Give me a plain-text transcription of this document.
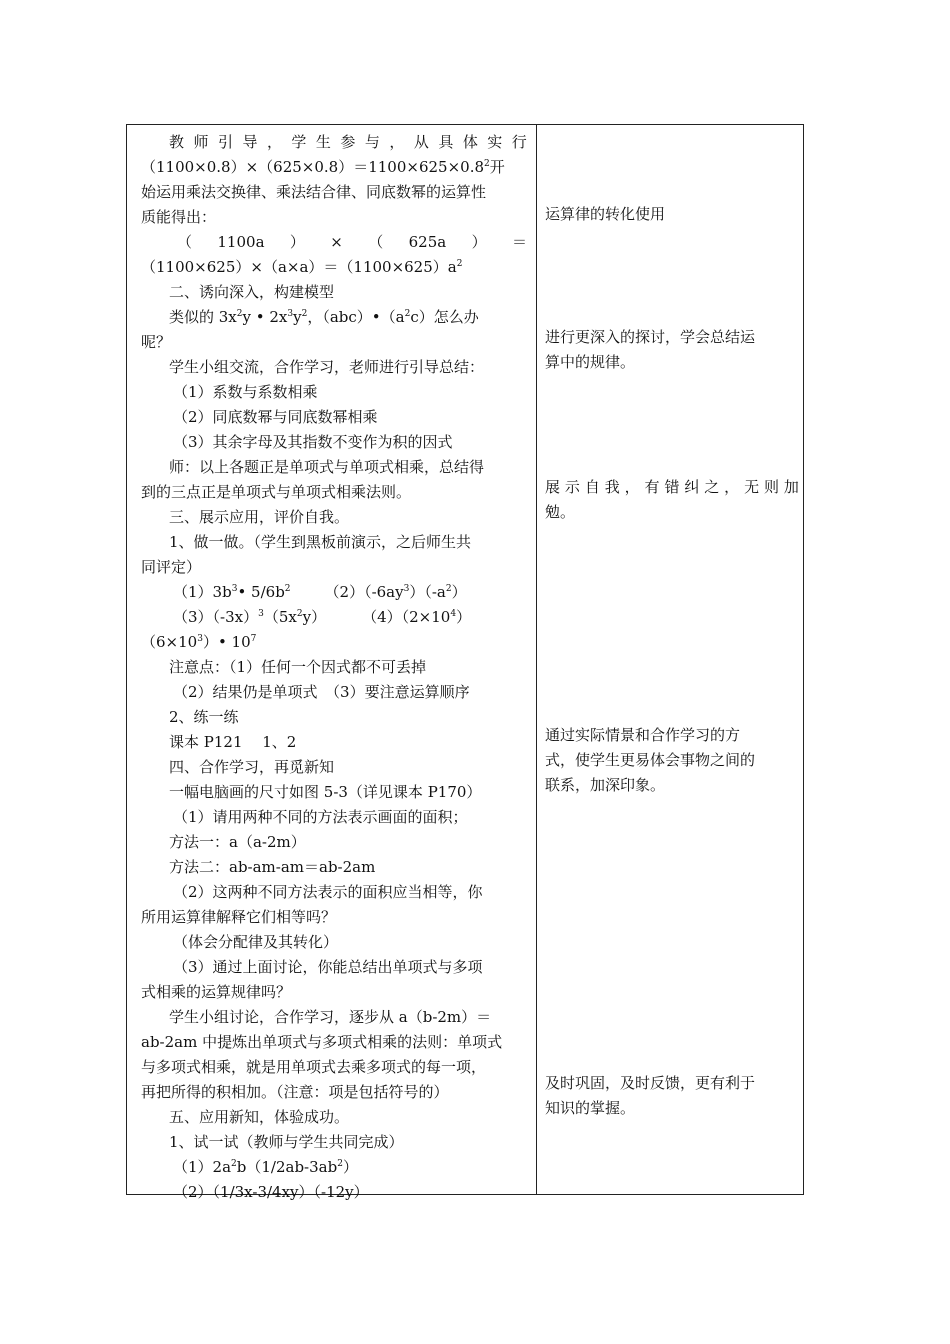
教 师 引 导 ， 学 生 参 与 ， 从 具 体 实 行
$(1100\times 0.8)\times(625\times 0.8)=1100\times 625\times 0.8^2$开
始运用乘法交换律、乘法结合律、同底数幂的运算性
质能得出：
（ 1100a ） × （ 625a ） ＝
$(1100\times 625)\times(a\times a)=(1100\times 625)a^2$
二、诱向深入，构建模型
类似的 $3x^2y$ • $2x^3y^2$，$(abc)•(a^2c)$怎么办
呢？
学生小组交流，合作学习，老师进行引导总结：
（1）系数与系数相乘
（2）同底数幂与同底数幂相乘
（3）其余字母及其指数不变作为积的因式
师：以上各题正是单项式与单项式相乘，总结得
到的三点正是单项式与单项式相乘法则。
三、展示应用，评价自我。
1、做一做。（学生到黑板前演示，之后师生共
同评定）
$(1)3b^3•$ $5/6b^2$ $(2)(-6ay^3)(-a^2)$
$(3)(-3x)^3(5x^2y)$ $(4)(2\times 10^4)$
$(6\times 10^3)•$ $10^7$
注意点：（1）任何一个因式都不可丢掉
（2）结果仍是单项式　（3）要注意运算顺序
2、练一练
课本 P121　 1、2
四、合作学习，再觅新知
一幅电脑画的尺寸如图 5-3（详见课本 P170）
（1）请用两种不同的方法表示画面的面积；
方法一：a（a-2m）
方法二：ab-am-am＝ab-2am
（2）这两种不同方法表示的面积应当相等，你
所用运算律解释它们相等吗？
（体会分配律及其转化）
（3）通过上面讨论，你能总结出单项式与多项
式相乘的运算规律吗？
学生小组讨论，合作学习，逐步从 a（b-2m）＝
ab-2am 中提炼出单项式与多项式相乘的法则：单项式
与多项式相乘，就是用单项式去乘多项式的每一项，
再把所得的积相加。（注意：项是包括符号的）
五、应用新知，体验成功。
1、试一试（教师与学生共同完成）
$(1)2a^2b(1/2ab-3ab^2)$
（2）（1/3x-3/4xy）（-12y）
运算律的转化使用
进行更深入的探讨，学会总结运
算中的规律。
展 示 自 我 ， 有 错 纠 之 ， 无 则 加
勉。
通过实际情景和合作学习的方
式，使学生更易体会事物之间的
联系，加深印象。
及时巩固，及时反馈，更有利于
知识的掌握。
